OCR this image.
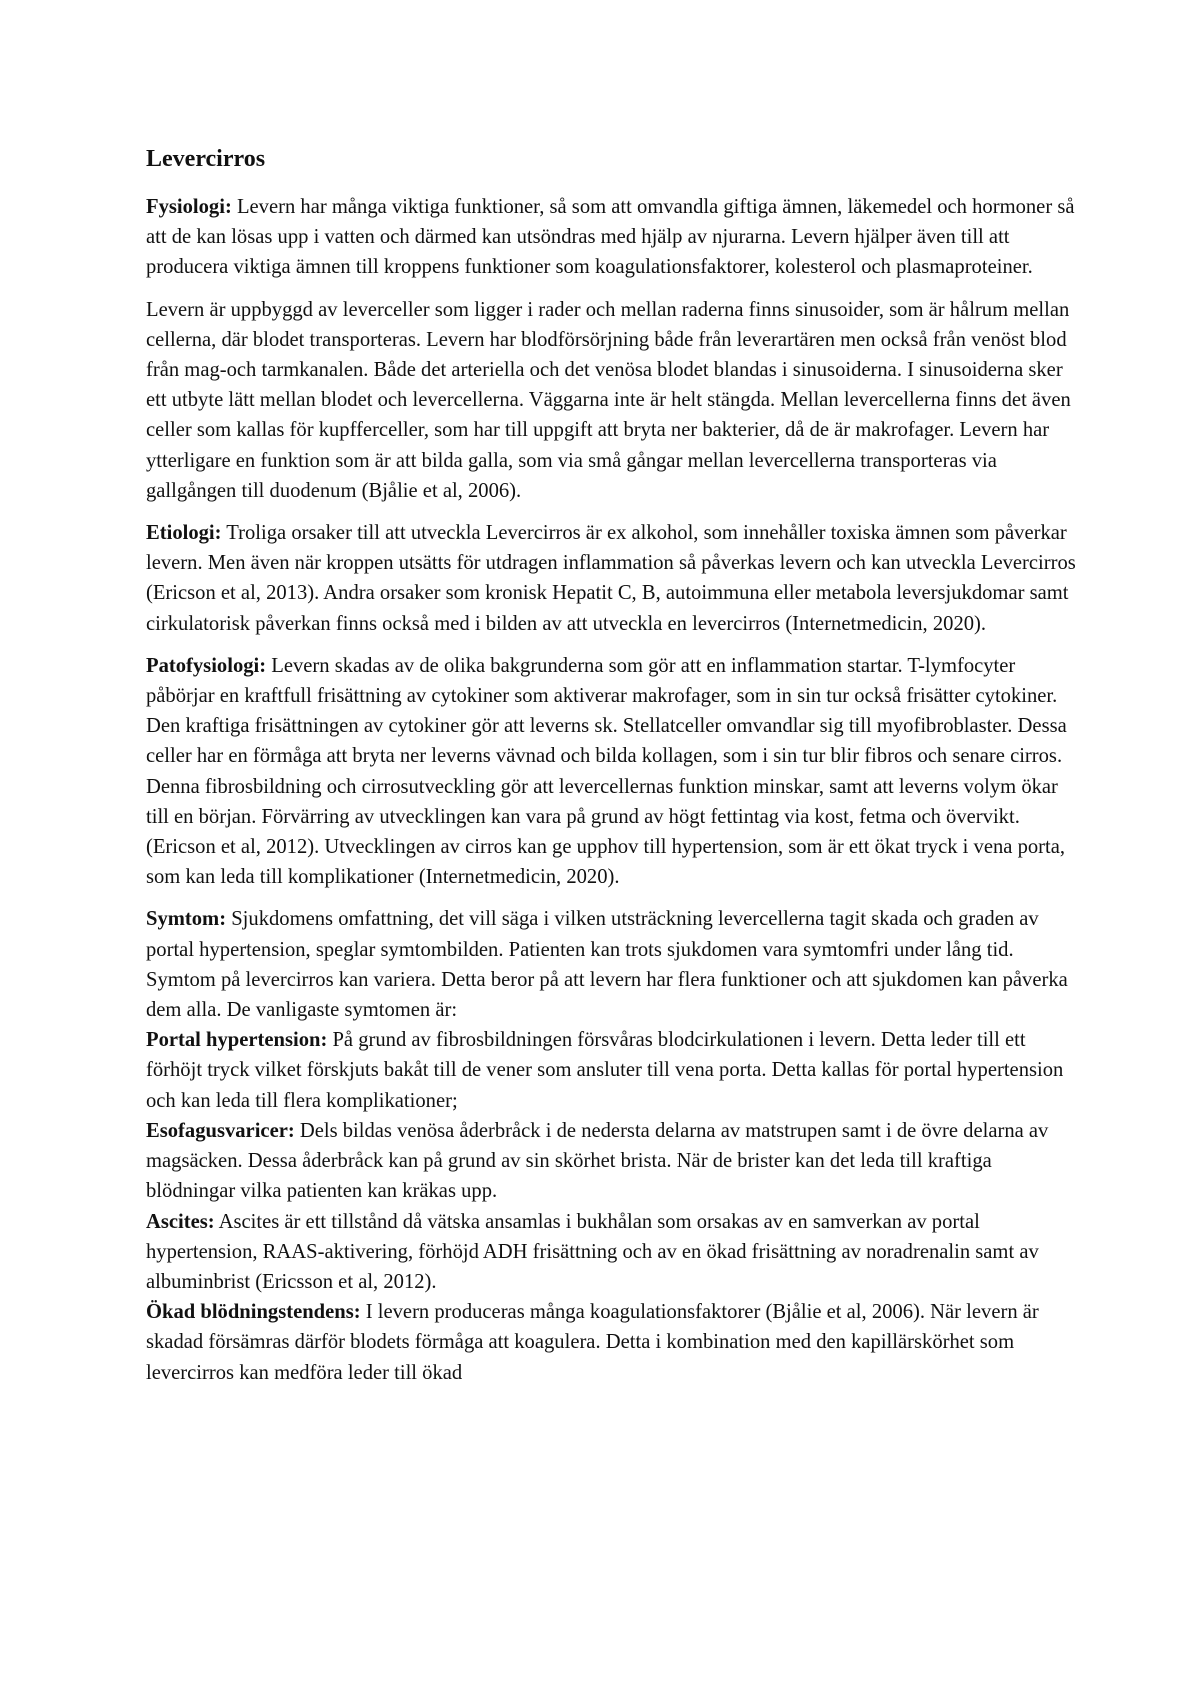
Levercirros

Fysiologi: Levern har många viktiga funktioner, så som att omvandla giftiga ämnen, läkemedel och hormoner så att de kan lösas upp i vatten och därmed kan utsöndras med hjälp av njurarna. Levern hjälper även till att producera viktiga ämnen till kroppens funktioner som koagulationsfaktorer, kolesterol och plasmaproteiner.

Levern är uppbyggd av leverceller som ligger i rader och mellan raderna finns sinusoider, som är hålrum mellan cellerna, där blodet transporteras. Levern har blodförsörjning både från leverartären men också från venöst blod från mag-och tarmkanalen. Både det arteriella och det venösa blodet blandas i sinusoiderna. I sinusoiderna sker ett utbyte lätt mellan blodet och levercellerna. Väggarna inte är helt stängda. Mellan levercellerna finns det även celler som kallas för kupfferceller, som har till uppgift att bryta ner bakterier, då de är makrofager. Levern har ytterligare en funktion som är att bilda galla, som via små gångar mellan levercellerna transporteras via gallgången till duodenum (Bjålie et al, 2006).

Etiologi: Troliga orsaker till att utveckla Levercirros är ex alkohol, som innehåller toxiska ämnen som påverkar levern. Men även när kroppen utsätts för utdragen inflammation så påverkas levern och kan utveckla Levercirros (Ericson et al, 2013). Andra orsaker som kronisk Hepatit C, B, autoimmuna eller metabola leversjukdomar samt cirkulatorisk påverkan finns också med i bilden av att utveckla en levercirros (Internetmedicin, 2020).

Patofysiologi: Levern skadas av de olika bakgrunderna som gör att en inflammation startar. T-lymfocyter påbörjar en kraftfull frisättning av cytokiner som aktiverar makrofager, som in sin tur också frisätter cytokiner. Den kraftiga frisättningen av cytokiner gör att leverns sk. Stellatceller omvandlar sig till myofibroblaster. Dessa celler har en förmåga att bryta ner leverns vävnad och bilda kollagen, som i sin tur blir fibros och senare cirros. Denna fibrosbildning och cirrosutveckling gör att levercellernas funktion minskar, samt att leverns volym ökar till en början. Förvärring av utvecklingen kan vara på grund av högt fettintag via kost, fetma och övervikt. (Ericson et al, 2012). Utvecklingen av cirros kan ge upphov till hypertension, som är ett ökat tryck i vena porta, som kan leda till komplikationer (Internetmedicin, 2020).

Symtom: Sjukdomens omfattning, det vill säga i vilken utsträckning levercellerna tagit skada och graden av portal hypertension, speglar symtombilden. Patienten kan trots sjukdomen vara symtomfri under lång tid. Symtom på levercirros kan variera. Detta beror på att levern har flera funktioner och att sjukdomen kan påverka dem alla. De vanligaste symtomen är:

Portal hypertension: På grund av fibrosbildningen försvåras blodcirkulationen i levern. Detta leder till ett förhöjt tryck vilket förskjuts bakåt till de vener som ansluter till vena porta. Detta kallas för portal hypertension och kan leda till flera komplikationer;

Esofagusvaricer: Dels bildas venösa åderbråck i de nedersta delarna av matstrupen samt i de övre delarna av magsäcken. Dessa åderbråck kan på grund av sin skörhet brista. När de brister kan det leda till kraftiga blödningar vilka patienten kan kräkas upp.

Ascites: Ascites är ett tillstånd då vätska ansamlas i bukhålan som orsakas av en samverkan av portal hypertension, RAAS-aktivering, förhöjd ADH frisättning och av en ökad frisättning av noradrenalin samt av albuminbrist (Ericsson et al, 2012).

Ökad blödningstendens: I levern produceras många koagulationsfaktorer (Bjålie et al, 2006). När levern är skadad försämras därför blodets förmåga att koagulera. Detta i kombination med den kapillärskörhet som levercirros kan medföra leder till ökad
